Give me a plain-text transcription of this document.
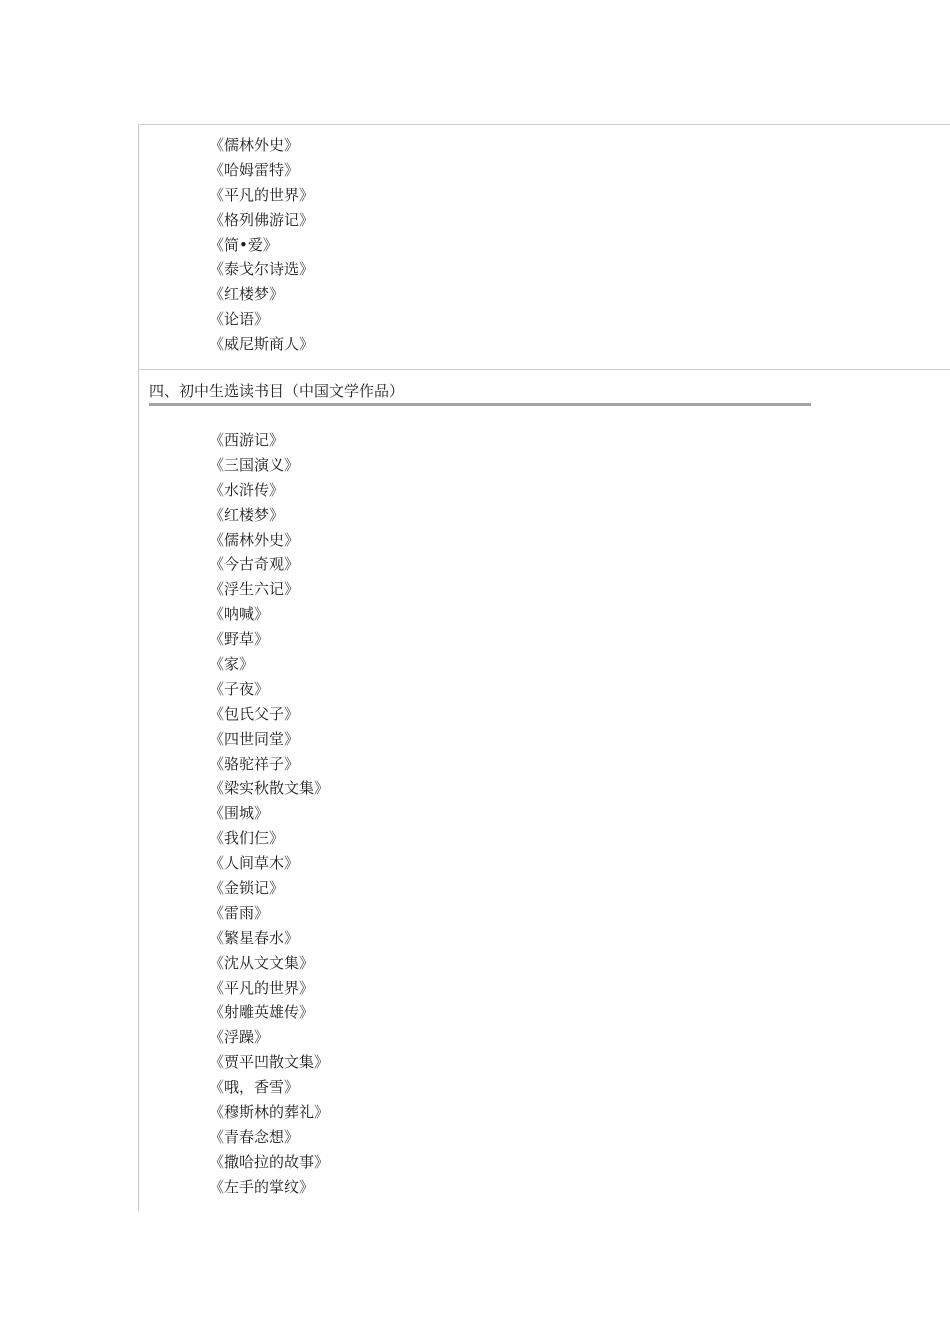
《儒林外史》
《哈姆雷特》
《平凡的世界》
《格列佛游记》
《简•爱》
《泰戈尔诗选》
《红楼梦》
《论语》
《威尼斯商人》
四、初中生选读书目（中国文学作品）
《西游记》
《三国演义》
《水浒传》
《红楼梦》
《儒林外史》
《今古奇观》
《浮生六记》
《呐喊》
《野草》
《家》
《子夜》
《包氏父子》
《四世同堂》
《骆驼祥子》
《梁实秋散文集》
《围城》
《我们仨》
《人间草木》
《金锁记》
《雷雨》
《繁星春水》
《沈从文文集》
《平凡的世界》
《射雕英雄传》
《浮躁》
《贾平凹散文集》
《哦，香雪》
《穆斯林的葬礼》
《青春念想》
《撒哈拉的故事》
《左手的掌纹》
